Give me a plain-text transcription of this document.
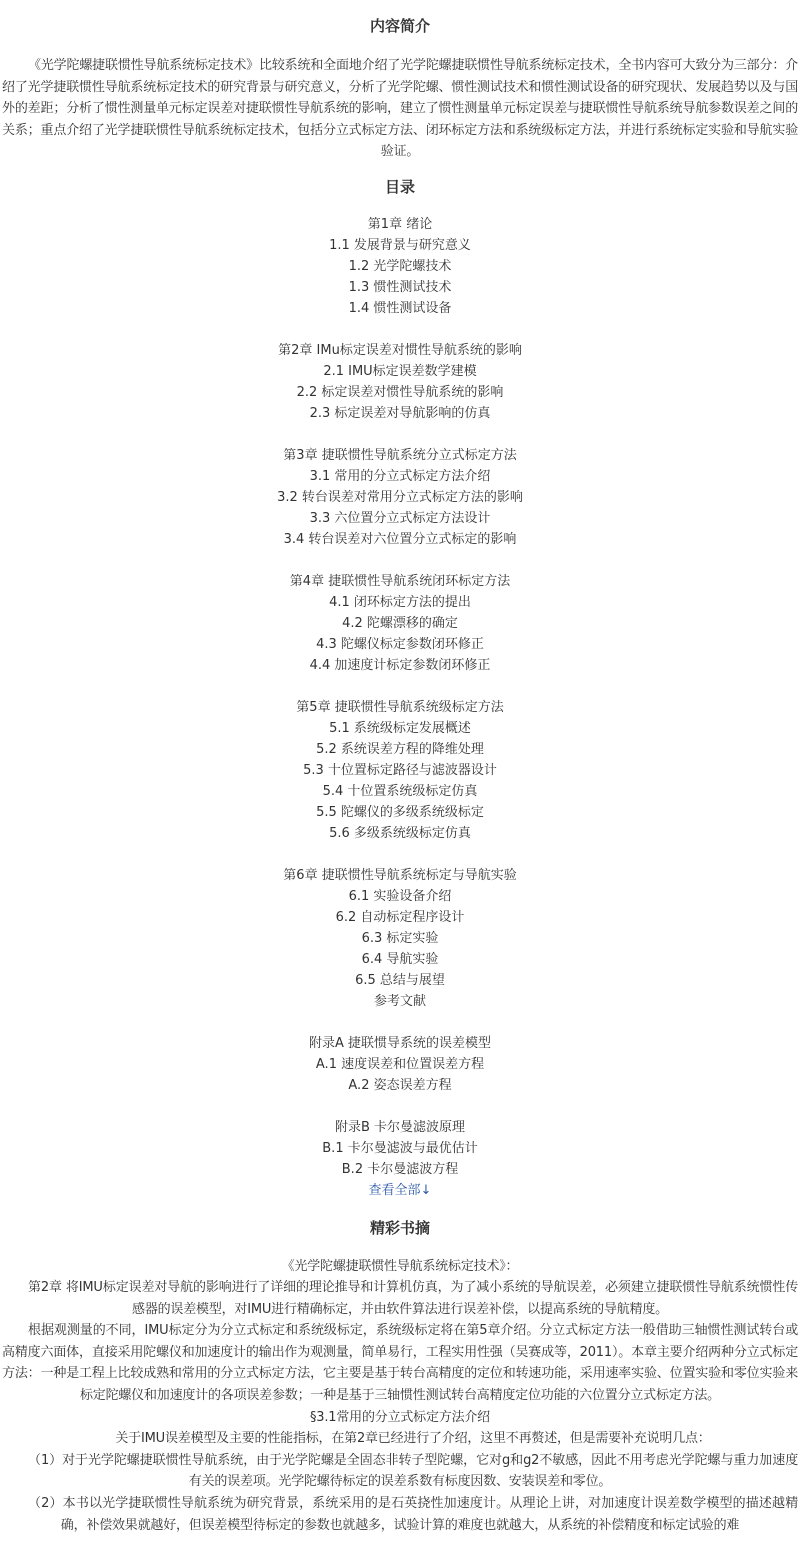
内容简介

《光学陀螺捷联惯性导航系统标定技术》比较系统和全面地介绍了光学陀螺捷联惯性导航系统标定技术，全书内容可大致分为三部分：介绍了光学捷联惯性导航系统标定技术的研究背景与研究意义，分析了光学陀螺、惯性测试技术和惯性测试设备的研究现状、发展趋势以及与国外的差距；分析了惯性测量单元标定误差对捷联惯性导航系统的影响，建立了惯性测量单元标定误差与捷联惯性导航系统导航参数误差之间的关系；重点介绍了光学捷联惯性导航系统标定技术，包括分立式标定方法、闭环标定方法和系统级标定方法，并进行系统标定实验和导航实验验证。

目录
第1章 绪论
1.1 发展背景与研究意义
1.2 光学陀螺技术
1.3 惯性测试技术
1.4 惯性测试设备
第2章 IMu标定误差对惯性导航系统的影响
2.1 IMU标定误差数学建模
2.2 标定误差对惯性导航系统的影响
2.3 标定误差对导航影响的仿真
第3章 捷联惯性导航系统分立式标定方法
3.1 常用的分立式标定方法介绍
3.2 转台误差对常用分立式标定方法的影响
3.3 六位置分立式标定方法设计
3.4 转台误差对六位置分立式标定的影响
第4章 捷联惯性导航系统闭环标定方法
4.1 闭环标定方法的提出
4.2 陀螺漂移的确定
4.3 陀螺仪标定参数闭环修正
4.4 加速度计标定参数闭环修正
第5章 捷联惯性导航系统级标定方法
5.1 系统级标定发展概述
5.2 系统误差方程的降维处理
5.3 十位置标定路径与滤波器设计
5.4 十位置系统级标定仿真
5.5 陀螺仪的多级系统级标定
5.6 多级系统级标定仿真
第6章 捷联惯性导航系统标定与导航实验
6.1 实验设备介绍
6.2 自动标定程序设计
6.3 标定实验
6.4 导航实验
6.5 总结与展望
参考文献
附录A 捷联惯导系统的误差模型
A.1 速度误差和位置误差方程
A.2 姿态误差方程
附录B 卡尔曼滤波原理
B.1 卡尔曼滤波与最优估计
B.2 卡尔曼滤波方程
查看全部↓
精彩书摘

《光学陀螺捷联惯性导航系统标定技术》：

第2章 将IMU标定误差对导航的影响进行了详细的理论推导和计算机仿真，为了减小系统的导航误差，必须建立捷联惯性导航系统惯性传感器的误差模型，对IMU进行精确标定，并由软件算法进行误差补偿，以提高系统的导航精度。

根据观测量的不同，IMU标定分为分立式标定和系统级标定，系统级标定将在第5章介绍。分立式标定方法一般借助三轴惯性测试转台或高精度六面体，直接采用陀螺仪和加速度计的输出作为观测量，简单易行，工程实用性强（吴赛成等，2011）。本章主要介绍两种分立式标定方法：一种是工程上比较成熟和常用的分立式标定方法，它主要是基于转台高精度的定位和转速功能，采用速率实验、位置实验和零位实验来标定陀螺仪和加速度计的各项误差参数；一种是基于三轴惯性测试转台高精度定位功能的六位置分立式标定方法。

§3.1常用的分立式标定方法介绍

关于IMU误差模型及主要的性能指标，在第2章已经进行了介绍，这里不再赘述，但是需要补充说明几点：

（1）对于光学陀螺捷联惯性导航系统，由于光学陀螺是全固态非转子型陀螺，它对g和g2不敏感，因此不用考虑光学陀螺与重力加速度有关的误差项。光学陀螺待标定的误差系数有标度因数、安装误差和零位。

（2）本书以光学捷联惯性导航系统为研究背景，系统采用的是石英挠性加速度计。从理论上讲，对加速度计误差数学模型的描述越精确，补偿效果就越好，但误差模型待标定的参数也就越多，试验计算的难度也就越大，从系统的补偿精度和标定试验的难
